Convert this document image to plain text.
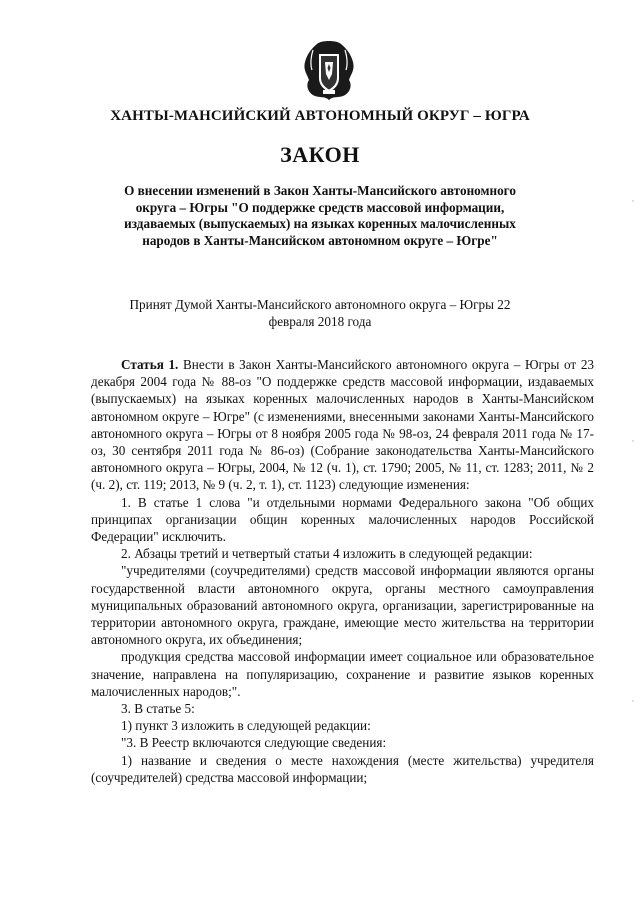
ХАНТЫ-МАНСИЙСКИЙ АВТОНОМНЫЙ ОКРУГ – ЮГРА
ЗАКОН
О внесении изменений в Закон Ханты-Мансийского автономного округа – Югры "О поддержке средств массовой информации, издаваемых (выпускаемых) на языках коренных малочисленных народов в Ханты-Мансийском автономном округе – Югре"
Принят Думой Ханты-Мансийского автономного округа – Югры 22 февраля 2018 года

Статья 1. Внести в Закон Ханты-Мансийского автономного округа – Югры от 23 декабря 2004 года № 88-оз "О поддержке средств массовой информации, издаваемых (выпускаемых) на языках коренных малочисленных народов в Ханты-Мансийском автономном округе – Югре" (с изменениями, внесенными законами Ханты-Мансийского автономного округа – Югры от 8 ноября 2005 года № 98-оз, 24 февраля 2011 года № 17-оз, 30 сентября 2011 года № 86-оз) (Собрание законодательства Ханты-Мансийского автономного округа – Югры, 2004, № 12 (ч. 1), ст. 1790; 2005, № 11, ст. 1283; 2011, № 2 (ч. 2), ст. 119; 2013, № 9 (ч. 2, т. 1), ст. 1123) следующие изменения:

1. В статье 1 слова "и отдельными нормами Федерального закона "Об общих принципах организации общин коренных малочисленных народов Российской Федерации" исключить.

2. Абзацы третий и четвертый статьи 4 изложить в следующей редакции:

"учредителями (соучредителями) средств массовой информации являются органы государственной власти автономного округа, органы местного самоуправления муниципальных образований автономного округа, организации, зарегистрированные на территории автономного округа, граждане, имеющие место жительства на территории автономного округа, их объединения;

продукция средства массовой информации имеет социальное или образовательное значение, направлена на популяризацию, сохранение и развитие языков коренных малочисленных народов;".

3. В статье 5:

1) пункт 3 изложить в следующей редакции:

"3. В Реестр включаются следующие сведения:

1) название и сведения о месте нахождения (месте жительства) учредителя (соучредителей) средства массовой информации;
